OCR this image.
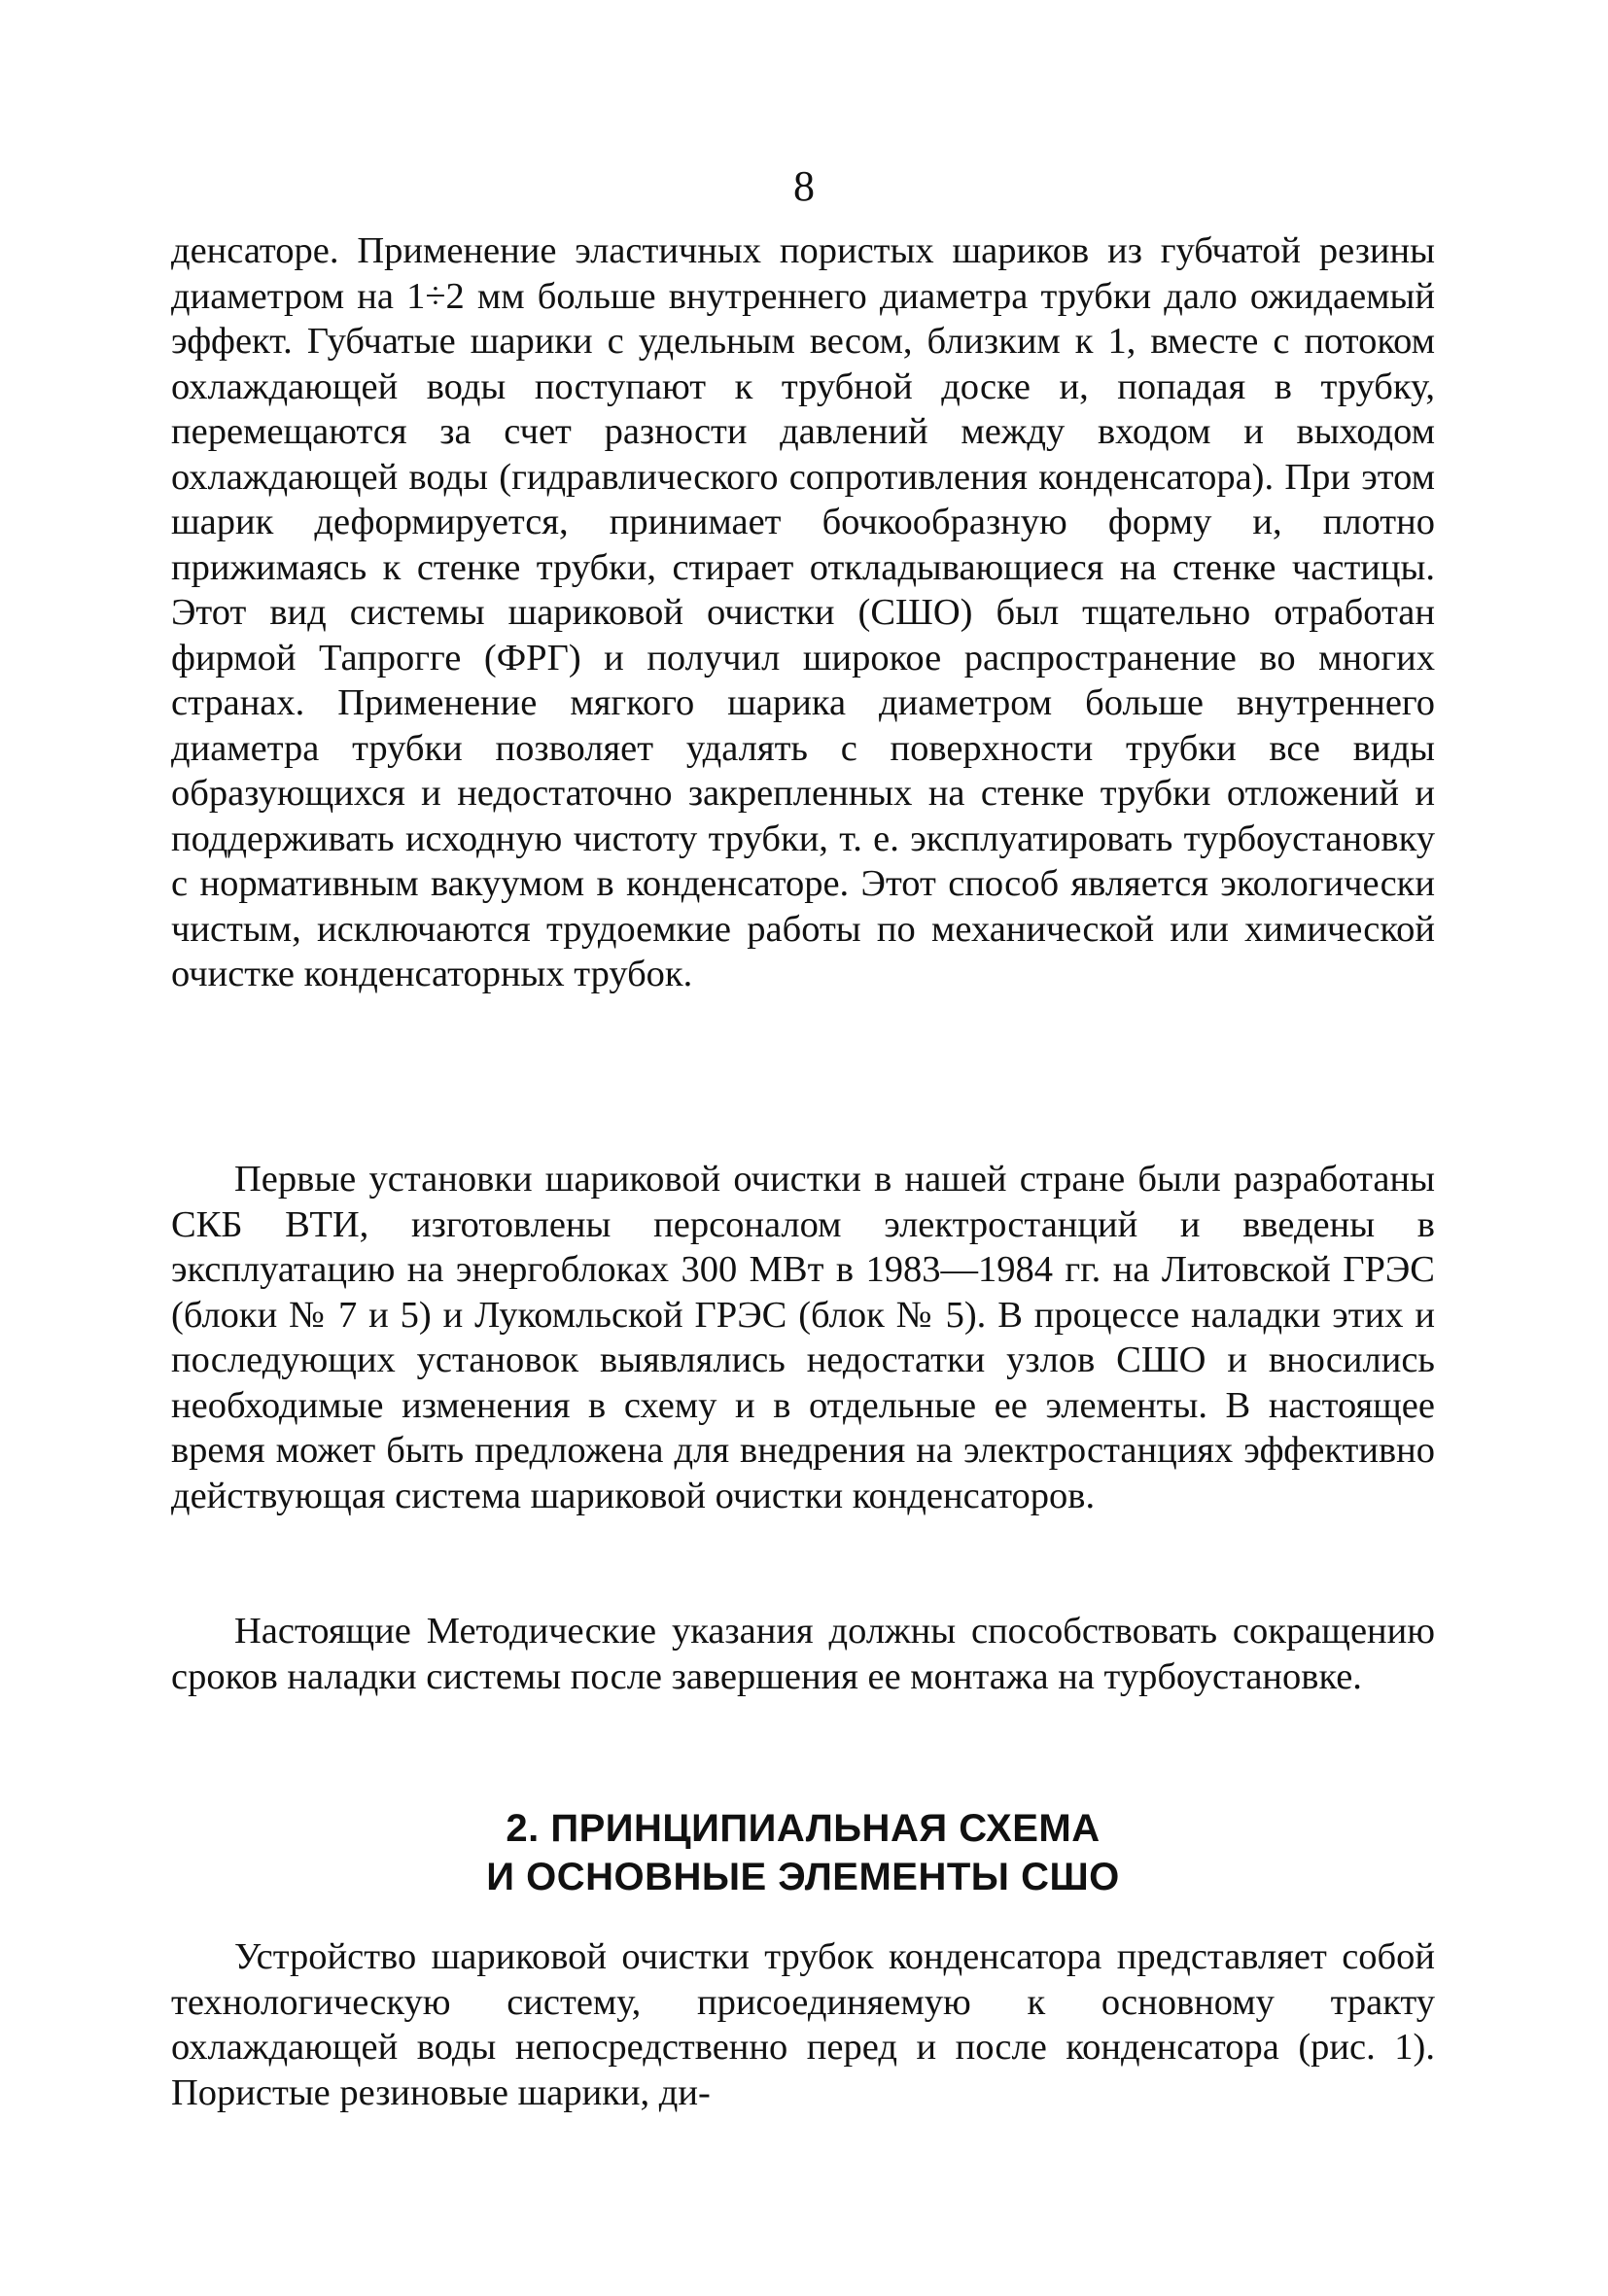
8

денсаторе. Применение эластичных пористых шариков из губчатой резины диаметром на 1÷2 мм больше внутреннего диаметра трубки дало ожидаемый эффект. Губчатые шарики с удельным весом, близким к 1, вместе с потоком охлаждающей воды поступают к трубной доске и, попадая в трубку, перемещаются за счет разности давлений между входом и выходом охлаждающей воды (гидравлического сопротивления конденсатора). При этом шарик деформируется, принимает бочкообразную форму и, плотно прижимаясь к стенке трубки, стирает откладывающиеся на стенке частицы. Этот вид системы шариковой очистки (СШО) был тщательно отработан фирмой Тапрогге (ФРГ) и получил широкое распространение во многих странах. Применение мягкого шарика диаметром больше внутреннего диаметра трубки позволяет удалять с поверхности трубки все виды образующихся и недостаточно закрепленных на стенке трубки отложений и поддерживать исходную чистоту трубки, т. е. эксплуатировать турбоустановку с нормативным вакуумом в конденсаторе. Этот способ является экологически чистым, исключаются трудоемкие работы по механической или химической очистке конденсаторных трубок.

Первые установки шариковой очистки в нашей стране были разработаны СКБ ВТИ, изготовлены персоналом электростанций и введены в эксплуатацию на энергоблоках 300 МВт в 1983—1984 гг. на Литовской ГРЭС (блоки № 7 и 5) и Лукомльской ГРЭС (блок № 5). В процессе наладки этих и последующих установок выявлялись недостатки узлов СШО и вносились необходимые изменения в схему и в отдельные ее элементы. В настоящее время может быть предложена для внедрения на электростанциях эффективно действующая система шариковой очистки конденсаторов.

Настоящие Методические указания должны способствовать сокращению сроков наладки системы после завершения ее монтажа на турбоустановке.

2. ПРИНЦИПИАЛЬНАЯ СХЕМА
И ОСНОВНЫЕ ЭЛЕМЕНТЫ СШО

Устройство шариковой очистки трубок конденсатора представляет собой технологическую систему, присоединяемую к основному тракту охлаждающей воды непосредственно перед и после конденсатора (рис. 1). Пористые резиновые шарики, ди-
